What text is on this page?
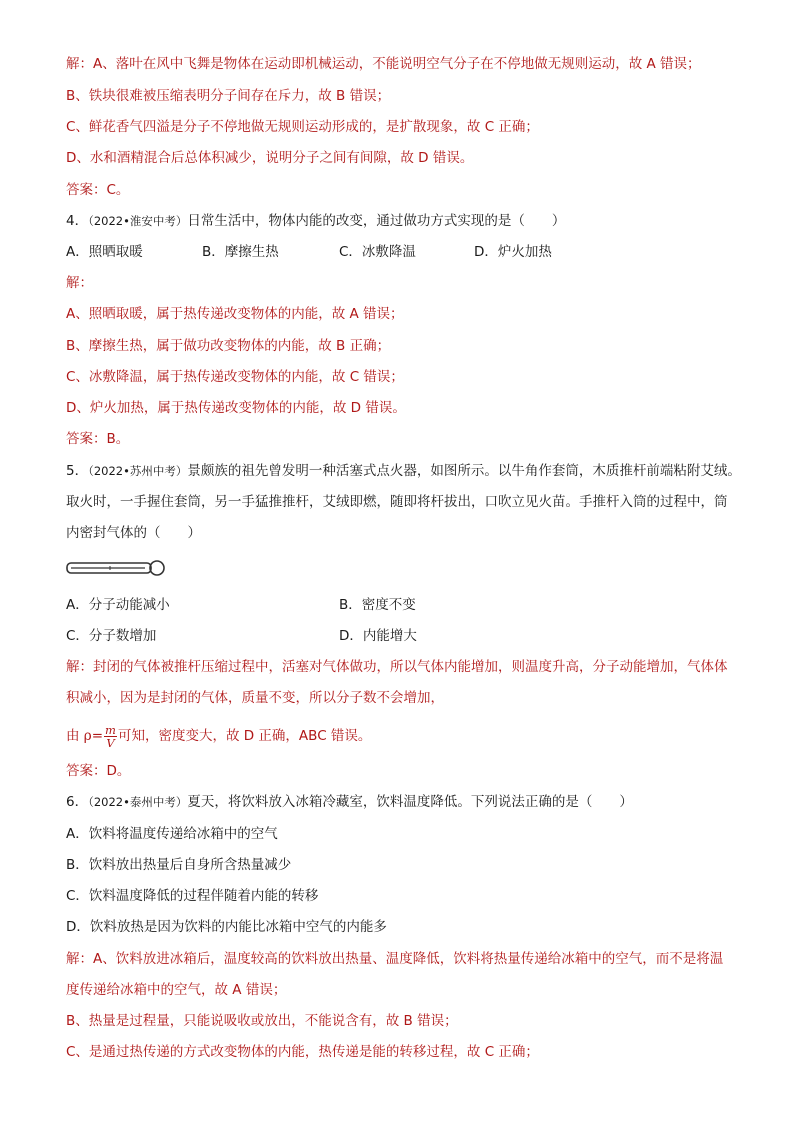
解：A、落叶在风中飞舞是物体在运动即机械运动，不能说明空气分子在不停地做无规则运动，故 A 错误；
B、铁块很难被压缩表明分子间存在斥力，故 B 错误；
C、鲜花香气四溢是分子不停地做无规则运动形成的，是扩散现象，故 C 正确；
D、水和酒精混合后总体积减少，说明分子之间有间隙，故 D 错误。
答案：C。
4．（2022•淮安中考）日常生活中，物体内能的改变，通过做功方式实现的是（　　）
A．照晒取暖	B．摩擦生热	C．冰敷降温	D．炉火加热
解：
A、照晒取暖，属于热传递改变物体的内能，故 A 错误；
B、摩擦生热，属于做功改变物体的内能，故 B 正确；
C、冰敷降温，属于热传递改变物体的内能，故 C 错误；
D、炉火加热，属于热传递改变物体的内能，故 D 错误。
答案：B。
5．（2022•苏州中考）景颇族的祖先曾发明一种活塞式点火器，如图所示。以牛角作套筒，木质推杆前端粘附艾绒。
取火时，一手握住套筒，另一手猛推推杆，艾绒即燃，随即将杆拔出，口吹立见火苗。手推杆入筒的过程中，筒
内密封气体的（　　）
A．分子动能减小	B．密度不变
C．分子数增加	D．内能增大
解：封闭的气体被推杆压缩过程中，活塞对气体做功，所以气体内能增加，则温度升高，分子动能增加，气体体
积减小，因为是封闭的气体，质量不变，所以分子数不会增加，
由 $\rho= \frac{m}{V}$ 可知，密度变大，故 D 正确，ABC 错误。
答案：D。
6．（2022•泰州中考）夏天，将饮料放入冰箱冷藏室，饮料温度降低。下列说法正确的是（　　）
A．饮料将温度传递给冰箱中的空气
B．饮料放出热量后自身所含热量减少
C．饮料温度降低的过程伴随着内能的转移
D．饮料放热是因为饮料的内能比冰箱中空气的内能多
解：A、饮料放进冰箱后，温度较高的饮料放出热量、温度降低，饮料将热量传递给冰箱中的空气，而不是将温
度传递给冰箱中的空气，故 A 错误；
B、热量是过程量，只能说吸收或放出，不能说含有，故 B 错误；
C、是通过热传递的方式改变物体的内能，热传递是能的转移过程，故 C 正确；
